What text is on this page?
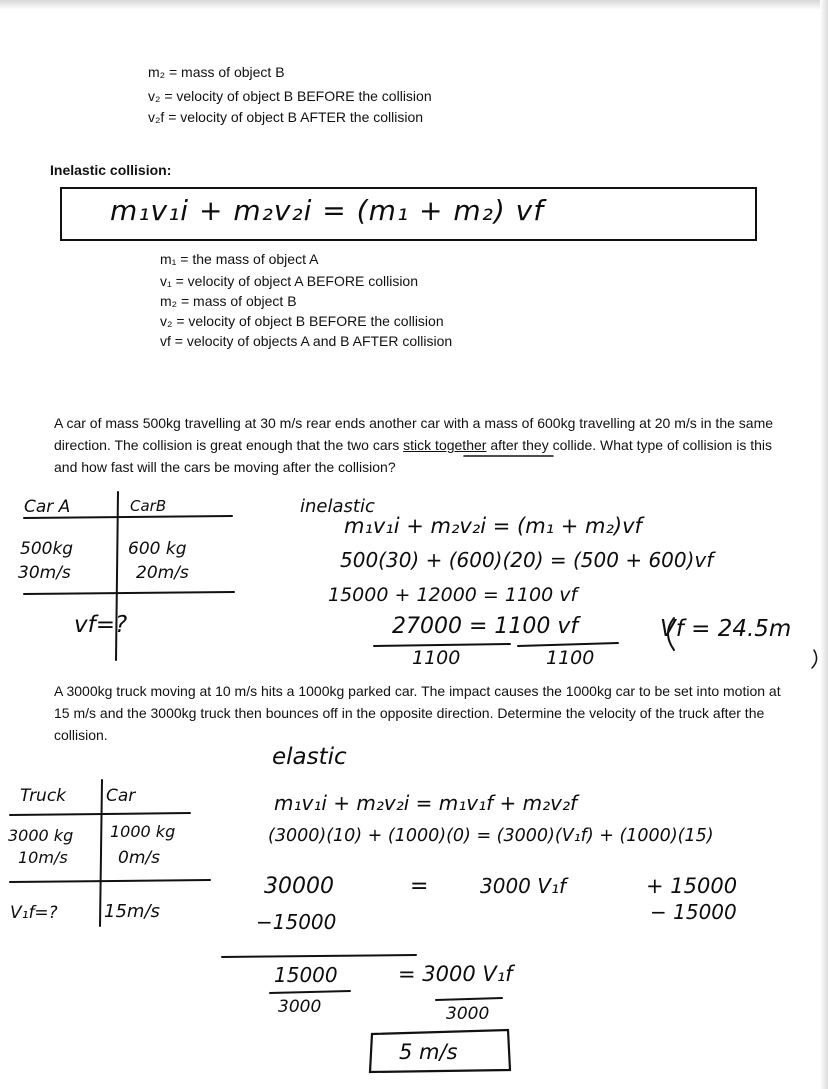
m₂ = mass of object B
v₂ = velocity of object B BEFORE the collision
v₂f = velocity of object B AFTER the collision
Inelastic collision:
m₁v₁i + m₂v₂i = (m₁ + m₂) vf
m₁ = the mass of object A
v₁ = velocity of object A BEFORE collision
m₂ = mass of object B
v₂ = velocity of object B BEFORE the collision
vf = velocity of objects A and B AFTER collision
A car of mass 500kg travelling at 30 m/s rear ends another car with a mass of 600kg travelling at 20 m/s in the same direction. The collision is great enough that the two cars stick together after they collide. What type of collision is this and how fast will the cars be moving after the collision?
Car A	CarB
500kg	600 kg
30m/s	20m/s
vf=?
inelastic
m₁v₁i + m₂v₂i = (m₁ + m₂)vf
500(30) + (600)(20) = (500 + 600)vf
15000 + 12000 = 1100 vf
27000 = 1100 vf
1100	1100
Vf = 24.5m
A 3000kg truck moving at 10 m/s hits a 1000kg parked car. The impact causes the 1000kg car to be set into motion at 15 m/s and the 3000kg truck then bounces off in the opposite direction. Determine the velocity of the truck after the collision.
Truck Car
3000 kg 1000 kg
10m/s	0m/s
V₁f=?	15m/s
elastic
m₁v₁i + m₂v₂i = m₁v₁f + m₂v₂f
(3000)(10) + (1000)(0) = (3000)(V₁f) + (1000)(15)
30000	=	3000 V₁f	+ 15000
−15000	− 15000
15000	= 3000 V₁f
3000	3000
5 m/s
